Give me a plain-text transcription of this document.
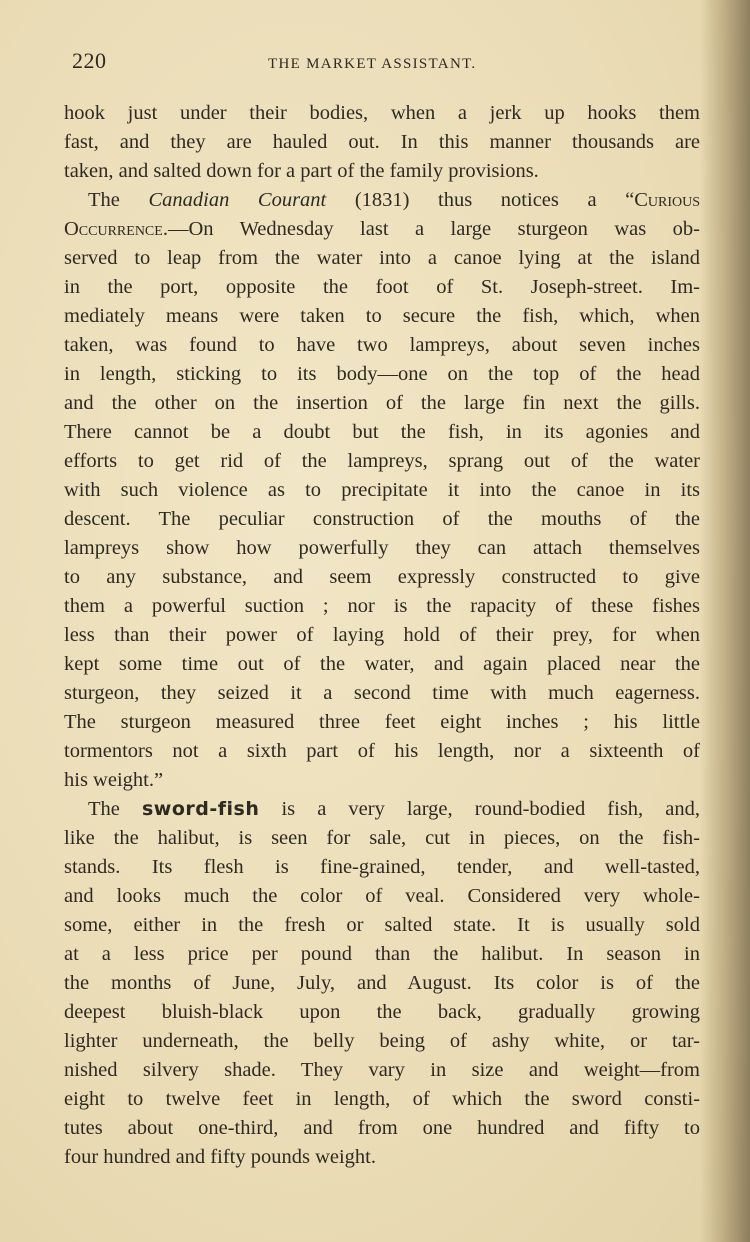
220	THE MARKET ASSISTANT.
hook just under their bodies, when a jerk up hooks them
fast, and they are hauled out. In this manner thousands are
taken, and salted down for a part of the family provisions.
The Canadian Courant (1831) thus notices a “Curious
Occurrence.—On Wednesday last a large sturgeon was ob-
served to leap from the water into a canoe lying at the island
in the port, opposite the foot of St. Joseph-street. Im-
mediately means were taken to secure the fish, which, when
taken, was found to have two lampreys, about seven inches
in length, sticking to its body—one on the top of the head
and the other on the insertion of the large fin next the gills.
There cannot be a doubt but the fish, in its agonies and
efforts to get rid of the lampreys, sprang out of the water
with such violence as to precipitate it into the canoe in its
descent. The peculiar construction of the mouths of the
lampreys show how powerfully they can attach themselves
to any substance, and seem expressly constructed to give
them a powerful suction ; nor is the rapacity of these fishes
less than their power of laying hold of their prey, for when
kept some time out of the water, and again placed near the
sturgeon, they seized it a second time with much eagerness.
The sturgeon measured three feet eight inches ; his little
tormentors not a sixth part of his length, nor a sixteenth of
his weight.”
The sword-fish is a very large, round-bodied fish, and,
like the halibut, is seen for sale, cut in pieces, on the fish-
stands. Its flesh is fine-grained, tender, and well-tasted,
and looks much the color of veal. Considered very whole-
some, either in the fresh or salted state. It is usually sold
at a less price per pound than the halibut. In season in
the months of June, July, and August. Its color is of the
deepest bluish-black upon the back, gradually growing
lighter underneath, the belly being of ashy white, or tar-
nished silvery shade. They vary in size and weight—from
eight to twelve feet in length, of which the sword consti-
tutes about one-third, and from one hundred and fifty to
four hundred and fifty pounds weight.
